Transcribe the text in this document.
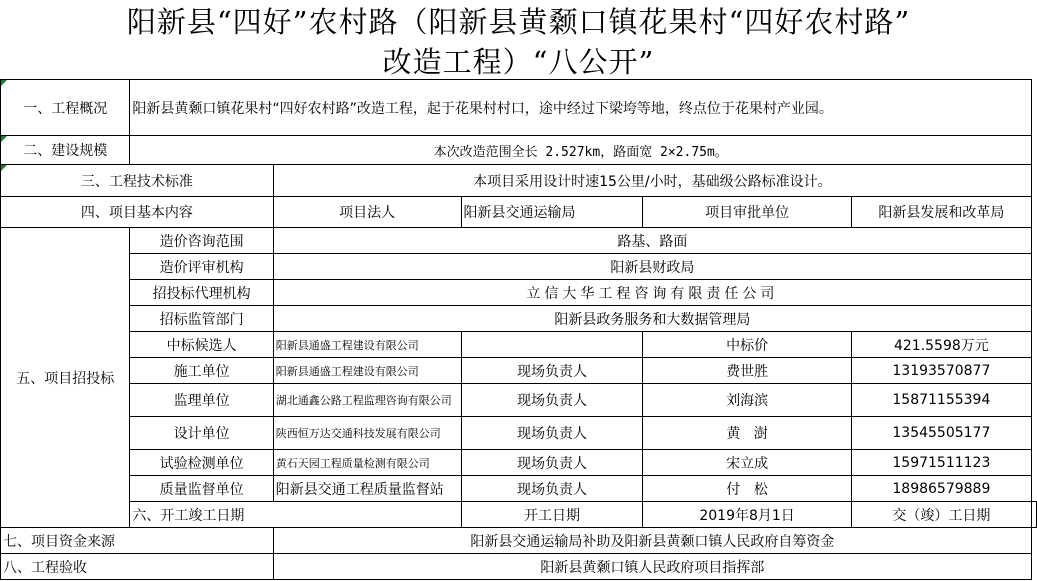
阳新县“四好”农村路（阳新县黄颡口镇花果村“四好农村路”
改造工程）“八公开”
一、工程概况	阳新县黄颡口镇花果村“四好农村路”改造工程，起于花果村村口，途中经过下梁垮等地，终点位于花果村产业园。					
二、建设规模	本次改造范围全长 2.527km，路面宽 2×2.75m。					
三、工程技术标准		本项目采用设计时速15公里/小时，基础级公路标准设计。				
四、项目基本内容		项目法人	阳新县交通运输局	项目审批单位	阳新县发展和改革局	
五、项目招投标	造价咨询范围	路基、路面				
	造价评审机构	阳新县财政局				
	招投标代理机构	立信大华工程咨询有限责任公司				
	招标监管部门	阳新县政务服务和大数据管理局				
	中标候选人	阳新县通盛工程建设有限公司		中标价	421.5598万元	
	施工单位	阳新县通盛工程建设有限公司	现场负责人	费世胜	13193570877	
	监理单位	湖北通鑫公路工程监理咨询有限公司	现场负责人	刘海滨	15871155394	
	设计单位	陕西恒万达交通科技发展有限公司	现场负责人	黄   澍	13545505177	
	试验检测单位	黄石天园工程质量检测有限公司	现场负责人	宋立成	15971511123	
	质量监督单位	阳新县交通工程质量监督站	现场负责人	付   松	18986579889	
	六、开工竣工日期		开工日期	2019年8月1日	交（竣）工日期	
七、项目资金来源		阳新县交通运输局补助及阳新县黄颡口镇人民政府自筹资金				
八、工程验收		阳新县黄颡口镇人民政府项目指挥部				
